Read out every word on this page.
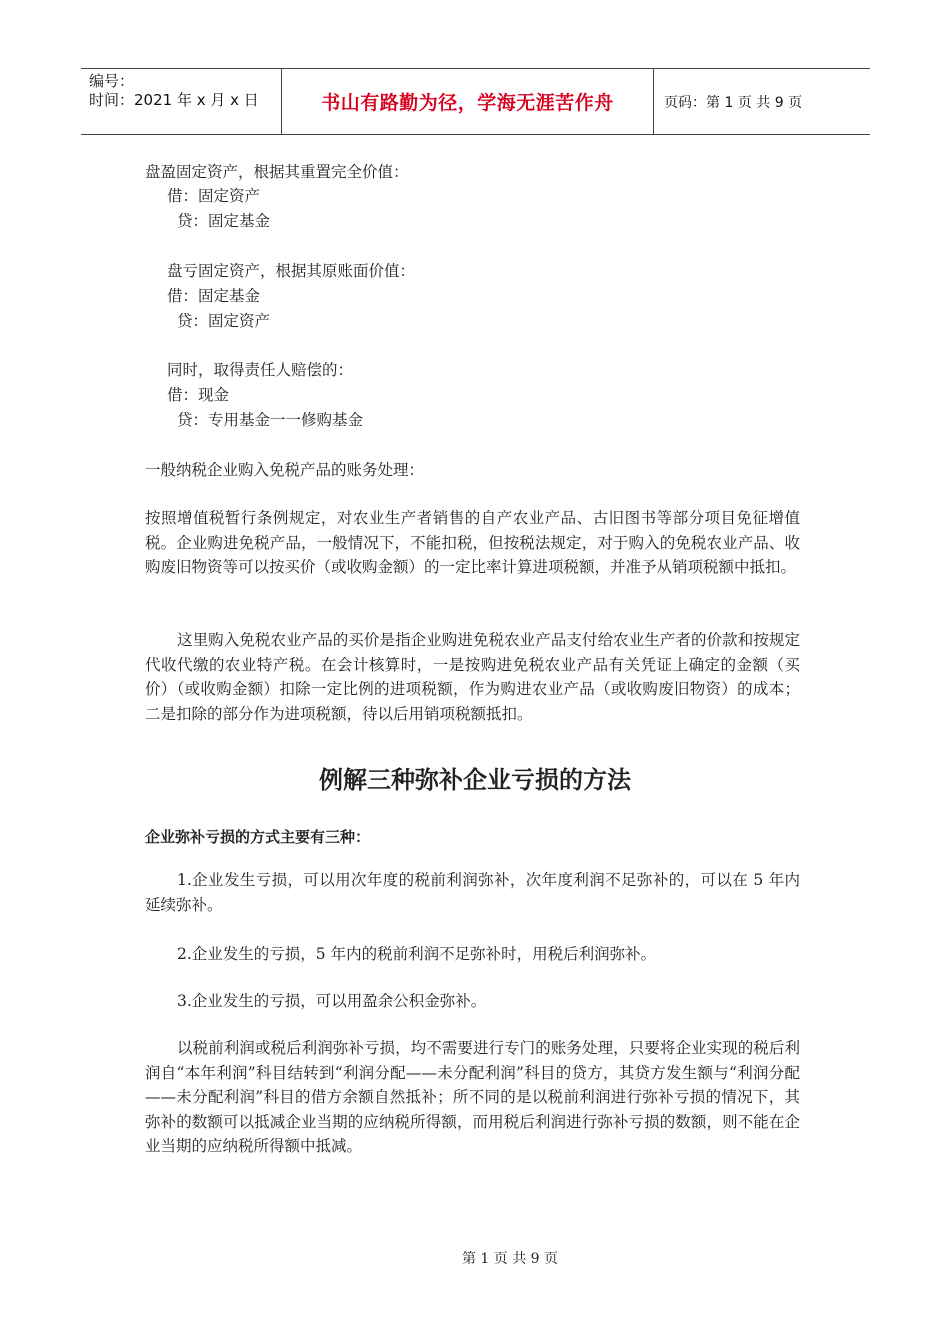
编号：
时间：2021 年 x 月 x 日	书山有路勤为径，学海无涯苦作舟	页码：第 1 页 共 9 页
盘盈固定资产，根据其重置完全价值：
借：固定资产
贷：固定基金
盘亏固定资产，根据其原账面价值：
借：固定基金
贷：固定资产
同时，取得责任人赔偿的：
借：现金
贷：专用基金一一修购基金
一般纳税企业购入免税产品的账务处理：
按照增值税暂行条例规定，对农业生产者销售的自产农业产品、古旧图书等部分项目免征增值税。企业购进免税产品，一般情况下，不能扣税，但按税法规定，对于购入的免税农业产品、收购废旧物资等可以按买价（或收购金额）的一定比率计算进项税额，并准予从销项税额中抵扣。
这里购入免税农业产品的买价是指企业购进免税农业产品支付给农业生产者的价款和按规定代收代缴的农业特产税。在会计核算时，一是按购进免税农业产品有关凭证上确定的金额（买价）（或收购金额）扣除一定比例的进项税额，作为购进农业产品（或收购废旧物资）的成本；二是扣除的部分作为进项税额，待以后用销项税额抵扣。
例解三种弥补企业亏损的方法
企业弥补亏损的方式主要有三种：
1.企业发生亏损，可以用次年度的税前利润弥补，次年度利润不足弥补的，可以在 5 年内延续弥补。
2.企业发生的亏损，5 年内的税前利润不足弥补时，用税后利润弥补。
3.企业发生的亏损，可以用盈余公积金弥补。
以税前利润或税后利润弥补亏损，均不需要进行专门的账务处理，只要将企业实现的税后利润自“本年利润”科目结转到“利润分配——未分配利润”科目的贷方，其贷方发生额与“利润分配——未分配利润”科目的借方余额自然抵补；所不同的是以税前利润进行弥补亏损的情况下，其弥补的数额可以抵减企业当期的应纳税所得额，而用税后利润进行弥补亏损的数额，则不能在企业当期的应纳税所得额中抵减。
第 1 页 共 9 页
